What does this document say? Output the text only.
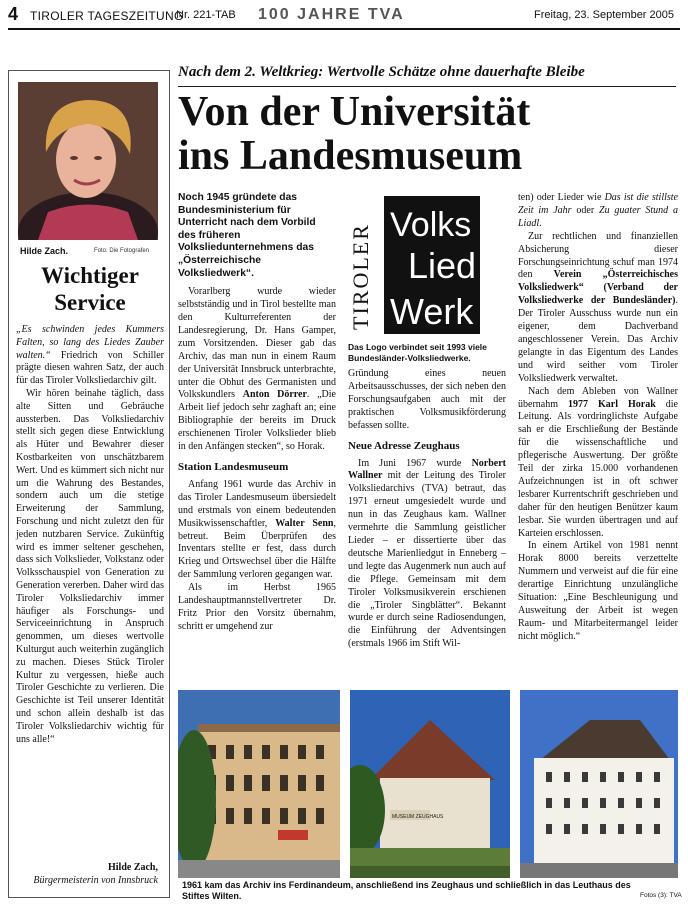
4 TIROLER TAGESZEITUNG
Nr. 221-TAB 100 JAHRE TVA	Freitag, 23. September 2005
Hilde Zach.	Foto: Die Fotografen
Wichtiger Service

„Es schwinden jedes Kummers Falten, so lang des Liedes Zauber walten.“ Friedrich von Schiller prägte diesen wahren Satz, der auch für das Tiroler Volksliedarchiv gilt.

Wir hören beinahe täglich, dass alte Sitten und Gebräuche aussterben. Das Volksliedarchiv stellt sich gegen diese Entwicklung als Hüter und Bewahrer dieser Kostbarkeiten von unschätzbarem Wert. Und es kümmert sich nicht nur um die Wahrung des Bestandes, sondern auch um die stetige Erweiterung der Sammlung, Forschung und nicht zuletzt den für jeden nutzbaren Service. Zukünftig wird es immer seltener geschehen, dass sich Volkslieder, Volkstanz oder Volksschauspiel von Generation zu Generation vererben. Daher wird das Tiroler Volksliedarchiv immer häufiger als Forschungs- und Serviceeinrichtung in Anspruch genommen, um dieses wertvolle Kulturgut auch weiterhin zugänglich zu machen. Dieses Stück Tiroler Kultur zu vergessen, hieße auch Tiroler Geschichte zu verlieren. Die Geschichte ist Teil unserer Identität und schon allein deshalb ist das Tiroler Volksliedarchiv wichtig für uns alle!“

Hilde Zach,
Bürgermeisterin von Innsbruck
Nach dem 2. Weltkrieg: Wertvolle Schätze ohne dauerhafte Bleibe
Von der Universität
ins Landesmuseum
Noch 1945 gründete das Bundesministerium für Unterricht nach dem Vorbild des früheren Volksliedunternehmens das „Österreichische Volksliedwerk“.

Vorarlberg wurde wieder selbstständig und in Tirol bestellte man den Kulturreferenten der Landesregierung, Dr. Hans Gamper, zum Vorsitzenden. Dieser gab das Archiv, das man nun in einem Raum der Universität Innsbruck unterbrachte, unter die Obhut des Germanisten und Volkskundlers Anton Dörrer. „Die Arbeit lief jedoch sehr zaghaft an; eine Bibliographie der bereits im Druck erschienenen Tiroler Volkslieder blieb in den Anfängen stecken“, so Horak.

Station Landesmuseum

Anfang 1961 wurde das Archiv in das Tiroler Landesmuseum übersiedelt und erstmals von einem bedeutenden Musikwissenschaftler, Walter Senn, betreut. Beim Überprüfen des Inventars stellte er fest, dass durch Krieg und Ortswechsel über die Hälfte der Sammlung verloren gegangen war.

Als im Herbst 1965 Landeshauptmannstellvertreter Dr. Fritz Prior den Vorsitz übernahm, schritt er umgehend zur

TIROLER Volks
Lied
Werk
Das Logo verbindet seit 1993 viele Bundesländer-Volksliedwerke.

Gründung eines neuen Arbeitsausschusses, der sich neben den Forschungsaufgaben auch mit der praktischen Volksmusikförderung befassen sollte.

Neue Adresse Zeughaus

Im Juni 1967 wurde Norbert Wallner mit der Leitung des Tiroler Volksliedarchivs (TVA) betraut, das 1971 erneut umgesiedelt wurde und nun in das Zeughaus kam. Wallner vermehrte die Sammlung geistlicher Lieder – er dissertierte über das deutsche Marienliedgut in Enneberg – und legte das Augenmerk nun auch auf die Pflege. Gemeinsam mit dem Tiroler Volksmusikverein erschienen die „Tiroler Singblätter“. Bekannt wurde er durch seine Radiosendungen, die Einführung der Adventsingen (erstmals 1966 im Stift Wil-

ten) oder Lieder wie Das ist die stillste Zeit im Jahr oder Zu guater Stund a Liadl.

Zur rechtlichen und finanziellen Absicherung dieser Forschungseinrichtung schuf man 1974 den Verein „Österreichisches Volksliedwerk“ (Verband der Volksliedwerke der Bundesländer). Der Tiroler Ausschuss wurde nun ein eigener, dem Dachverband angeschlossener Verein. Das Archiv gelangte in das Eigentum des Landes und wird seither vom Tiroler Volksliedwerk verwaltet.

Nach dem Ableben von Wallner übernahm 1977 Karl Horak die Leitung. Als vordringlichste Aufgabe sah er die Erschließung der Bestände für die wissenschaftliche und pflegerische Auswertung. Der größte Teil der zirka 15.000 vorhandenen Aufzeichnungen ist in oft schwer lesbarer Kurrentschrift geschrieben und daher für den heutigen Benützer kaum lesbar. Sie wurden übertragen und auf Karteien erschlossen.

In einem Artikel von 1981 nennt Horak 8000 bereits verzettelte Nummern und verweist auf die für eine derartige Einrichtung unzulängliche Situation: „Eine Beschleunigung und Ausweitung der Arbeit ist wegen Raum- und Mitarbeitermangel leider nicht möglich.“

MUSEUM ZEUGHAUS
1961 kam das Archiv ins Ferdinandeum, anschließend ins Zeughaus und schließlich in das Leuthaus des Stiftes Wilten.	Fotos (3): TVA
